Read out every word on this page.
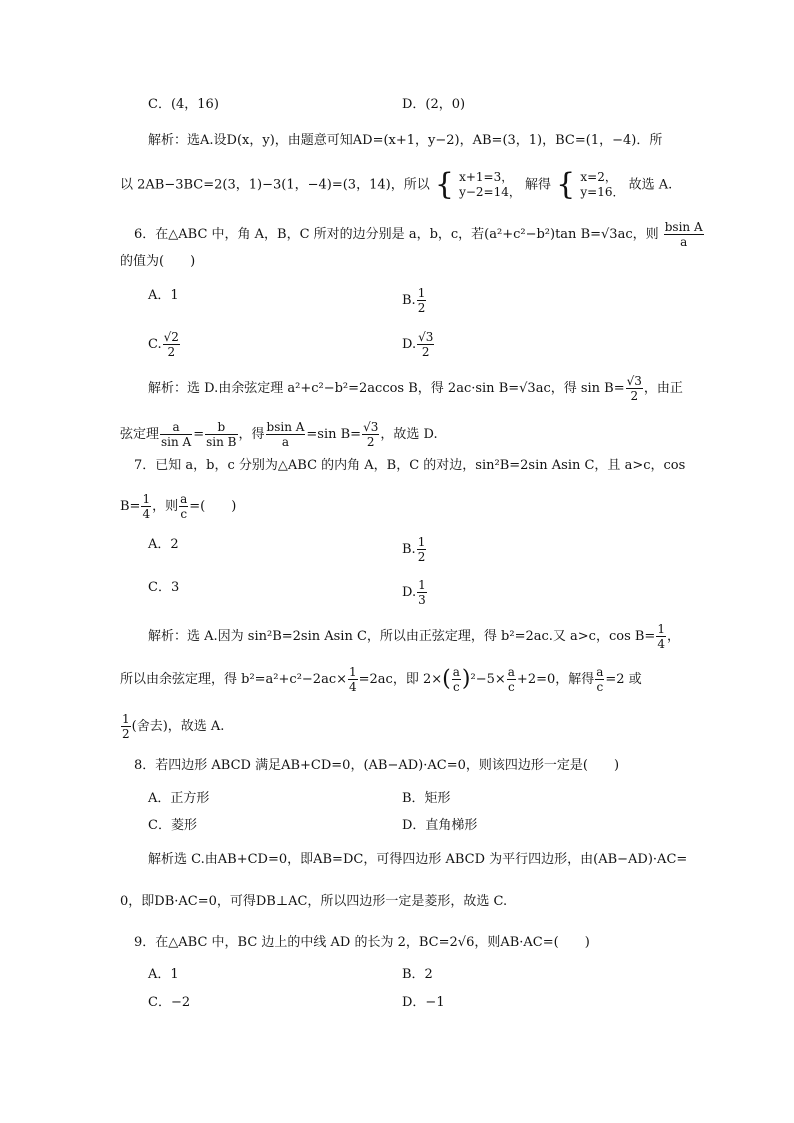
C．(4，16)	D．(2，0)
解析：选A.设D(x，y)，由题意可知AD=(x+1，y−2)，AB=(3，1)，BC=(1，−4)．所
以 2AB−3BC=2(3，1)−3(1，−4)=(3，14)，所以 { x+1=3，
y−2=14， 解得 { x=2，
y=16． 故选 A.
6．在△ABC 中，角 A，B，C 所对的边分别是 a，b，c，若(a²+c²−b²)tan B=√3ac，则 $\frac{\text{bsin A}}{a}$
的值为(　　)
A．1	B. $\frac{1}{2}$
C. $\frac{√2}{2}$	D. $\frac{√3}{2}$
解析：选 D.由余弦定理 a²+c²−b²=2accos B，得 2ac·sin B=√3ac，得 $\sin B= \frac{√3}{2}$ ，由正
弦定理 $\frac{a}{\text{sin A}} = \frac{b}{\text{sin B}}$ ，得 $\frac{\text{bsin A}}{a} =\sin$ $B= \frac{√3}{2}$ ，故选 D.
7．已知 a，b，c 分别为△ABC 的内角 A，B，C 的对边，sin²B=2sin Asin C，且 a>c，cos
$B= \frac{1}{4}$ ，则 $\frac{a}{c}$ =(　　)
A．2	B. $\frac{1}{2}$
C．3	D. $\frac{1}{3}$
解析：选 A.因为 sin²B=2sin Asin C，所以由正弦定理，得 b²=2ac.又 a>c，$\cos B= \frac{1}{4}$ ，
所以由余弦定理，得 $b^2=a^2+c^2-2ac\times \frac{1}{4} =2ac$，即 $2\times( \frac{a}{c} )^2-5\times \frac{a}{c} +2=0$，解得 $\frac{a}{c} =2$ 或
$\frac{1}{2}$ (舍去)，故选 A.
8．若四边形 ABCD 满足AB+CD=0，(AB−AD)·AC=0，则该四边形一定是(　　)
A．正方形	B．矩形
C．菱形	D．直角梯形
解析选 C.由AB+CD=0，即AB=DC，可得四边形 ABCD 为平行四边形，由(AB−AD)·AC=
0，即DB·AC=0，可得DB⊥AC，所以四边形一定是菱形，故选 C.
9．在△ABC 中，BC 边上的中线 AD 的长为 2，BC=2√6，则AB·AC=(　　)
A．1	B．2
C．−2	D．−1
